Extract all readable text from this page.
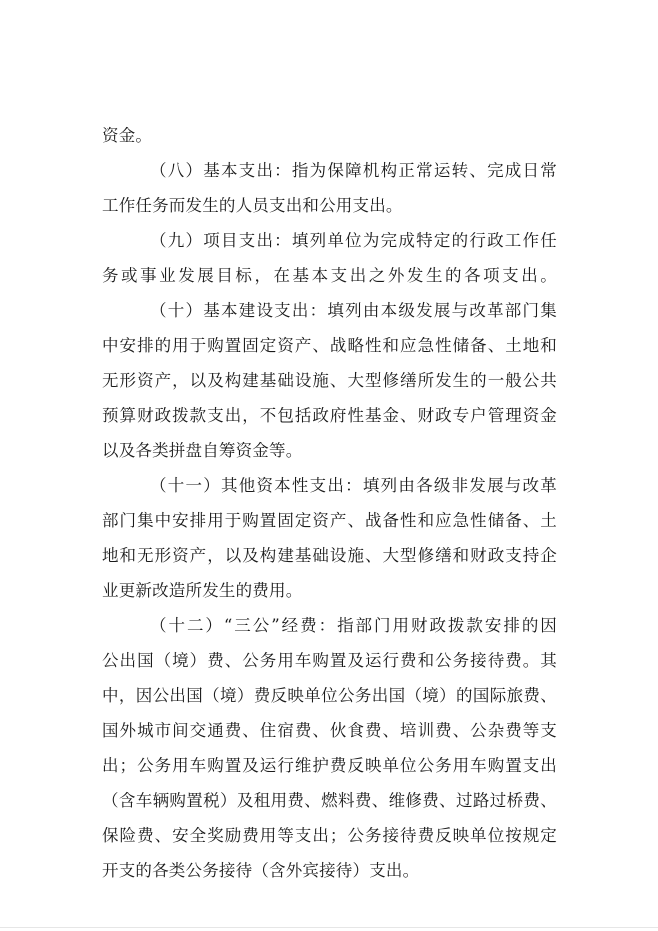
资金。

（八）基本支出：指为保障机构正常运转、完成日常

工作任务而发生的人员支出和公用支出。

（九）项目支出：填列单位为完成特定的行政工作任

务或事业发展目标，在基本支出之外发生的各项支出。

（十）基本建设支出：填列由本级发展与改革部门集

中安排的用于购置固定资产、战略性和应急性储备、土地和

无形资产，以及构建基础设施、大型修缮所发生的一般公共

预算财政拨款支出，不包括政府性基金、财政专户管理资金

以及各类拼盘自筹资金等。

（十一）其他资本性支出：填列由各级非发展与改革

部门集中安排用于购置固定资产、战备性和应急性储备、土

地和无形资产，以及构建基础设施、大型修缮和财政支持企

业更新改造所发生的费用。

（十二）“三公”经费：指部门用财政拨款安排的因

公出国（境）费、公务用车购置及运行费和公务接待费。其

中，因公出国（境）费反映单位公务出国（境）的国际旅费、

国外城市间交通费、住宿费、伙食费、培训费、公杂费等支

出；公务用车购置及运行维护费反映单位公务用车购置支出

（含车辆购置税）及租用费、燃料费、维修费、过路过桥费、

保险费、安全奖励费用等支出；公务接待费反映单位按规定

开支的各类公务接待（含外宾接待）支出。
